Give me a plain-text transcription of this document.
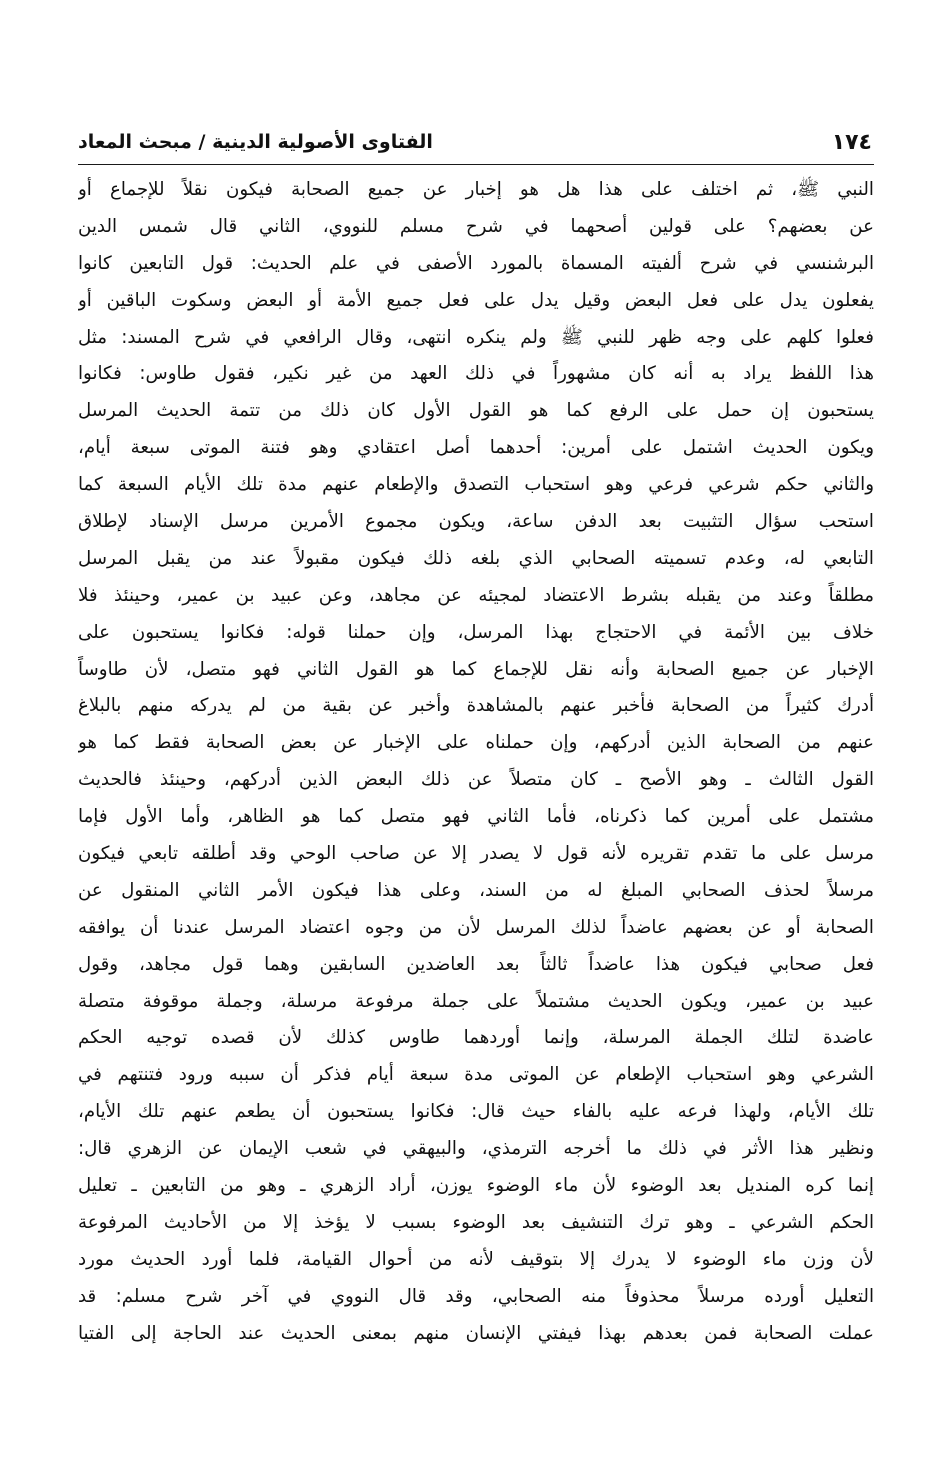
١٧٤
الفتاوى الأصولية الدينية / مبحث المعاد
النبي ﷺ، ثم اختلف على هذا هل هو إخبار عن جميع الصحابة فيكون نقلاً للإجماع أو
عن بعضهم؟ على قولين أصحهما في شرح مسلم للنووي، الثاني قال شمس الدين
البرشنسي في شرح ألفيته المسماة بالمورد الأصفى في علم الحديث: قول التابعين كانوا
يفعلون يدل على فعل البعض وقيل يدل على فعل جميع الأمة أو البعض وسكوت الباقين أو
فعلوا كلهم على وجه ظهر للنبي ﷺ ولم ينكره انتهى، وقال الرافعي في شرح المسند: مثل
هذا اللفظ يراد به أنه كان مشهوراً في ذلك العهد من غير نكير، فقول طاوس: فكانوا
يستحبون إن حمل على الرفع كما هو القول الأول كان ذلك من تتمة الحديث المرسل
ويكون الحديث اشتمل على أمرين: أحدهما أصل اعتقادي وهو فتنة الموتى سبعة أيام،
والثاني حكم شرعي فرعي وهو استحباب التصدق والإطعام عنهم مدة تلك الأيام السبعة كما
استحب سؤال التثبيت بعد الدفن ساعة، ويكون مجموع الأمرين مرسل الإسناد لإطلاق
التابعي له، وعدم تسميته الصحابي الذي بلغه ذلك فيكون مقبولاً عند من يقبل المرسل
مطلقاً وعند من يقبله بشرط الاعتضاد لمجيئه عن مجاهد، وعن عبيد بن عمير، وحينئذ فلا
خلاف بين الأئمة في الاحتجاج بهذا المرسل، وإن حملنا قوله: فكانوا يستحبون على
الإخبار عن جميع الصحابة وأنه نقل للإجماع كما هو القول الثاني فهو متصل، لأن طاوساً
أدرك كثيراً من الصحابة فأخبر عنهم بالمشاهدة وأخبر عن بقية من لم يدركه منهم بالبلاغ
عنهم من الصحابة الذين أدركهم، وإن حملناه على الإخبار عن بعض الصحابة فقط كما هو
القول الثالث ـ وهو الأصح ـ كان متصلاً عن ذلك البعض الذين أدركهم، وحينئذ فالحديث
مشتمل على أمرين كما ذكرناه، فأما الثاني فهو متصل كما هو الظاهر، وأما الأول فإما
مرسل على ما تقدم تقريره لأنه قول لا يصدر إلا عن صاحب الوحي وقد أطلقه تابعي فيكون
مرسلاً لحذف الصحابي المبلغ له من السند، وعلى هذا فيكون الأمر الثاني المنقول عن
الصحابة أو عن بعضهم عاضداً لذلك المرسل لأن من وجوه اعتضاد المرسل عندنا أن يوافقه
فعل صحابي فيكون هذا عاضداً ثالثاً بعد العاضدين السابقين وهما قول مجاهد، وقول
عبيد بن عمير، ويكون الحديث مشتملاً على جملة مرفوعة مرسلة، وجملة موقوفة متصلة
عاضدة لتلك الجملة المرسلة، وإنما أوردهما طاوس كذلك لأن قصده توجيه الحكم
الشرعي وهو استحباب الإطعام عن الموتى مدة سبعة أيام فذكر أن سببه ورود فتنتهم في
تلك الأيام، ولهذا فرعه عليه بالفاء حيث قال: فكانوا يستحبون أن يطعم عنهم تلك الأيام،
ونظير هذا الأثر في ذلك ما أخرجه الترمذي، والبيهقي في شعب الإيمان عن الزهري قال:
إنما كره المنديل بعد الوضوء لأن ماء الوضوء يوزن، أراد الزهري ـ وهو من التابعين ـ تعليل
الحكم الشرعي ـ وهو ترك التنشيف بعد الوضوء بسبب لا يؤخذ إلا من الأحاديث المرفوعة
لأن وزن ماء الوضوء لا يدرك إلا بتوقيف لأنه من أحوال القيامة، فلما أورد الحديث مورد
التعليل أورده مرسلاً محذوفاً منه الصحابي، وقد قال النووي في آخر شرح مسلم: قد
عملت الصحابة فمن بعدهم بهذا فيفتي الإنسان منهم بمعنى الحديث عند الحاجة إلى الفتيا
